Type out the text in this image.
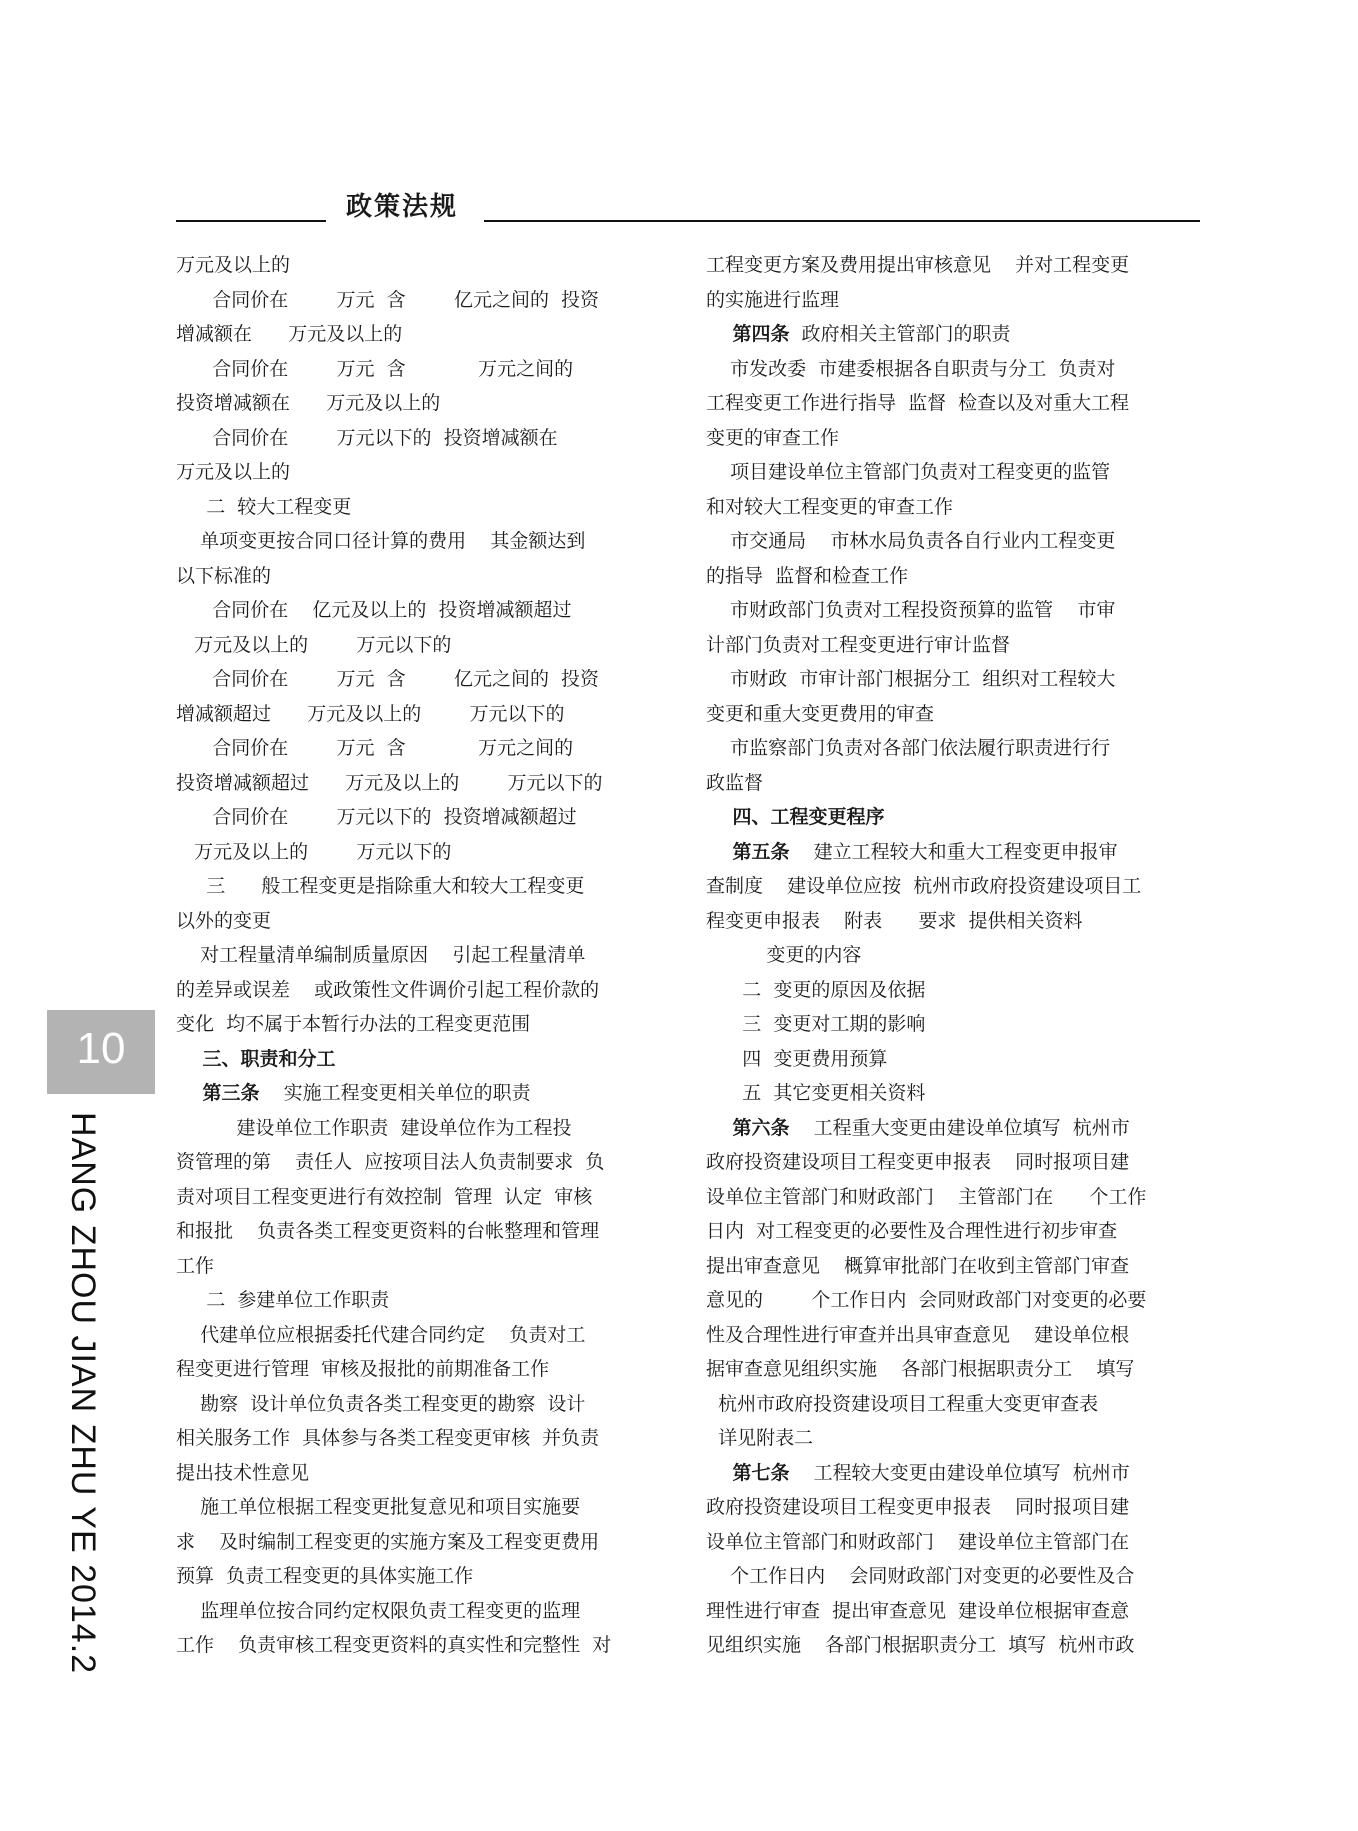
政策法规

万元及以上的

合同价在        万元  含        亿元之间的  投资

增减额在      万元及以上的

合同价在        万元  含            万元之间的

投资增减额在      万元及以上的

合同价在        万元以下的  投资增减额在

万元及以上的

二  较大工程变更

单项变更按合同口径计算的费用    其金额达到

以下标准的

合同价在    亿元及以上的  投资增减额超过

万元及以上的        万元以下的

合同价在        万元  含        亿元之间的  投资

增减额超过      万元及以上的        万元以下的

合同价在        万元  含            万元之间的

投资增减额超过      万元及以上的        万元以下的

合同价在        万元以下的  投资增减额超过

万元及以上的        万元以下的

三      般工程变更是指除重大和较大工程变更

以外的变更

对工程量清单编制质量原因    引起工程量清单

的差异或误差    或政策性文件调价引起工程价款的

变化  均不属于本暂行办法的工程变更范围

三、职责和分工

第三条    实施工程变更相关单位的职责

建设单位工作职责  建设单位作为工程投

资管理的第    责任人  应按项目法人负责制要求  负

责对项目工程变更进行有效控制  管理  认定  审核

和报批    负责各类工程变更资料的台帐整理和管理

工作

二  参建单位工作职责

代建单位应根据委托代建合同约定    负责对工

程变更进行管理  审核及报批的前期准备工作

勘察  设计单位负责各类工程变更的勘察  设计

相关服务工作  具体参与各类工程变更审核  并负责

提出技术性意见

施工单位根据工程变更批复意见和项目实施要

求    及时编制工程变更的实施方案及工程变更费用

预算  负责工程变更的具体实施工作

监理单位按合同约定权限负责工程变更的监理

工作    负责审核工程变更资料的真实性和完整性  对

工程变更方案及费用提出审核意见    并对工程变更

的实施进行监理

第四条  政府相关主管部门的职责

市发改委  市建委根据各自职责与分工  负责对

工程变更工作进行指导  监督  检查以及对重大工程

变更的审查工作

项目建设单位主管部门负责对工程变更的监管

和对较大工程变更的审查工作

市交通局    市林水局负责各自行业内工程变更

的指导  监督和检查工作

市财政部门负责对工程投资预算的监管    市审

计部门负责对工程变更进行审计监督

市财政  市审计部门根据分工  组织对工程较大

变更和重大变更费用的审查

市监察部门负责对各部门依法履行职责进行行

政监督

四、工程变更程序

第五条    建立工程较大和重大工程变更申报审

查制度    建设单位应按  杭州市政府投资建设项目工

程变更申报表    附表      要求  提供相关资料

变更的内容

二  变更的原因及依据

三  变更对工期的影响

四  变更费用预算

五  其它变更相关资料

第六条    工程重大变更由建设单位填写  杭州市

政府投资建设项目工程变更申报表    同时报项目建

设单位主管部门和财政部门    主管部门在      个工作

日内  对工程变更的必要性及合理性进行初步审查

提出审查意见    概算审批部门在收到主管部门审查

意见的        个工作日内  会同财政部门对变更的必要

性及合理性进行审查并出具审查意见    建设单位根

据审查意见组织实施    各部门根据职责分工    填写

杭州市政府投资建设项目工程重大变更审查表

详见附表二

第七条    工程较大变更由建设单位填写  杭州市

政府投资建设项目工程变更申报表    同时报项目建

设单位主管部门和财政部门    建设单位主管部门在

个工作日内    会同财政部门对变更的必要性及合

理性进行审查  提出审查意见  建设单位根据审查意

见组织实施    各部门根据职责分工  填写  杭州市政

10
HANG ZHOU JIAN ZHU YE 2014.2
